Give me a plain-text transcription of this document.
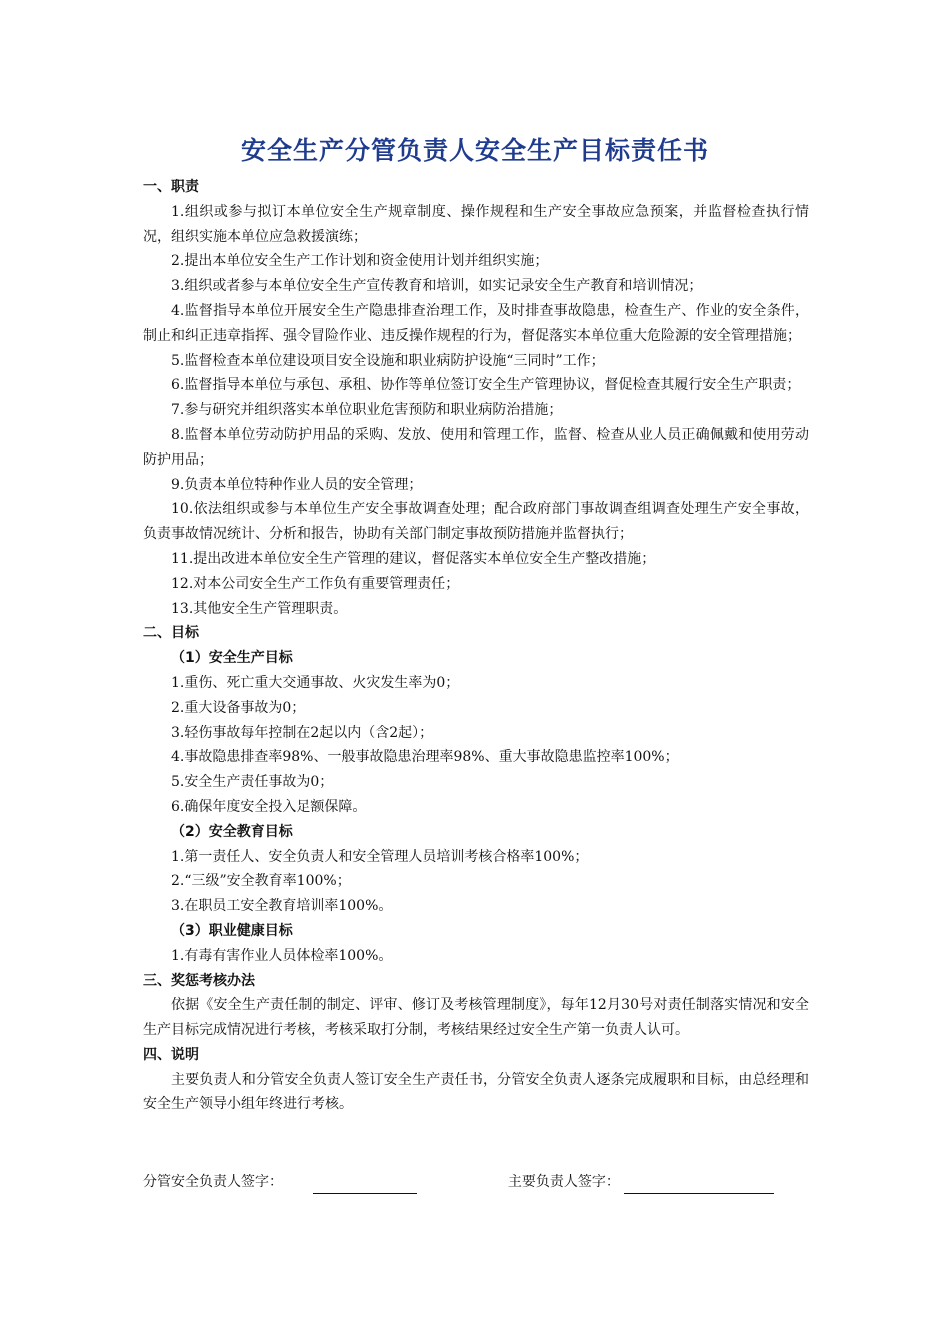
安全生产分管负责人安全生产目标责任书

一、职责

1.组织或参与拟订本单位安全生产规章制度、操作规程和生产安全事故应急预案，并监督检查执行情况，组织实施本单位应急救援演练；

2.提出本单位安全生产工作计划和资金使用计划并组织实施；

3.组织或者参与本单位安全生产宣传教育和培训，如实记录安全生产教育和培训情况；

4.监督指导本单位开展安全生产隐患排查治理工作，及时排查事故隐患，检查生产、作业的安全条件，制止和纠正违章指挥、强令冒险作业、违反操作规程的行为，督促落实本单位重大危险源的安全管理措施；

5.监督检查本单位建设项目安全设施和职业病防护设施“三同时”工作；

6.监督指导本单位与承包、承租、协作等单位签订安全生产管理协议，督促检查其履行安全生产职责；

7.参与研究并组织落实本单位职业危害预防和职业病防治措施；

8.监督本单位劳动防护用品的采购、发放、使用和管理工作，监督、检查从业人员正确佩戴和使用劳动防护用品；

9.负责本单位特种作业人员的安全管理；

10.依法组织或参与本单位生产安全事故调查处理；配合政府部门事故调查组调查处理生产安全事故，负责事故情况统计、分析和报告，协助有关部门制定事故预防措施并监督执行；

11.提出改进本单位安全生产管理的建议，督促落实本单位安全生产整改措施；

12.对本公司安全生产工作负有重要管理责任；

13.其他安全生产管理职责。

二、目标

（1）安全生产目标

1.重伤、死亡重大交通事故、火灾发生率为0；

2.重大设备事故为0；

3.轻伤事故每年控制在2起以内（含2起）；

4.事故隐患排查率98%、一般事故隐患治理率98%、重大事故隐患监控率100%；

5.安全生产责任事故为0；

6.确保年度安全投入足额保障。

（2）安全教育目标

1.第一责任人、安全负责人和安全管理人员培训考核合格率100%；

2.“三级”安全教育率100%；

3.在职员工安全教育培训率100%。

（3）职业健康目标

1.有毒有害作业人员体检率100%。

三、奖惩考核办法

依据《安全生产责任制的制定、评审、修订及考核管理制度》，每年12月30号对责任制落实情况和安全生产目标完成情况进行考核，考核采取打分制，考核结果经过安全生产第一负责人认可。

四、说明

主要负责人和分管安全负责人签订安全生产责任书，分管安全负责人逐条完成履职和目标，由总经理和安全生产领导小组年终进行考核。

分管安全负责人签字：	主要负责人签字：
